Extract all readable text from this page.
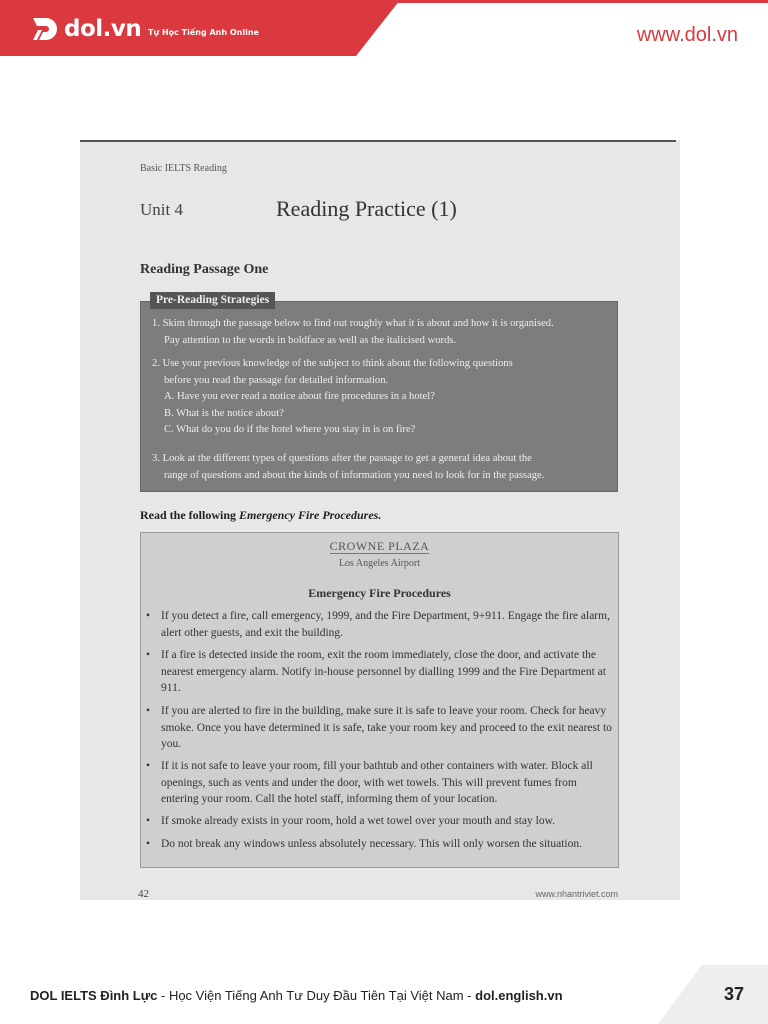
dol.vn Tự Học Tiếng Anh Online	www.dol.vn
Basic IELTS Reading
Unit 4	Reading Practice (1)
Reading Passage One
Pre-Reading Strategies
1. Skim through the passage below to find out roughly what it is about and how it is organised.
Pay attention to the words in boldface as well as the italicised words.
2. Use your previous knowledge of the subject to think about the following questions
before you read the passage for detailed information.
A. Have you ever read a notice about fire procedures in a hotel?
B. What is the notice about?
C. What do you do if the hotel where you stay in is on fire?
3. Look at the different types of questions after the passage to get a general idea about the
range of questions and about the kinds of information you need to look for in the passage.
Read the following Emergency Fire Procedures.
CROWNE PLAZA
Los Angeles Airport
Emergency Fire Procedures
• If you detect a fire, call emergency, 1999, and the Fire Department, 9+911. Engage the fire alarm, alert other guests, and exit the building.
• If a fire is detected inside the room, exit the room immediately, close the door, and activate the nearest emergency alarm. Notify in-house personnel by dialling 1999 and the Fire Department at 911.
• If you are alerted to fire in the building, make sure it is safe to leave your room. Check for heavy smoke. Once you have determined it is safe, take your room key and proceed to the exit nearest to you.
• If it is not safe to leave your room, fill your bathtub and other containers with water. Block all openings, such as vents and under the door, with wet towels. This will prevent fumes from entering your room. Call the hotel staff, informing them of your location.
• If smoke already exists in your room, hold a wet towel over your mouth and stay low.
• Do not break any windows unless absolutely necessary. This will only worsen the situation.
42	www.nhantriviet.com
DOL IELTS Đình Lực - Học Viện Tiếng Anh Tư Duy Đầu Tiên Tại Việt Nam - dol.english.vn	37
